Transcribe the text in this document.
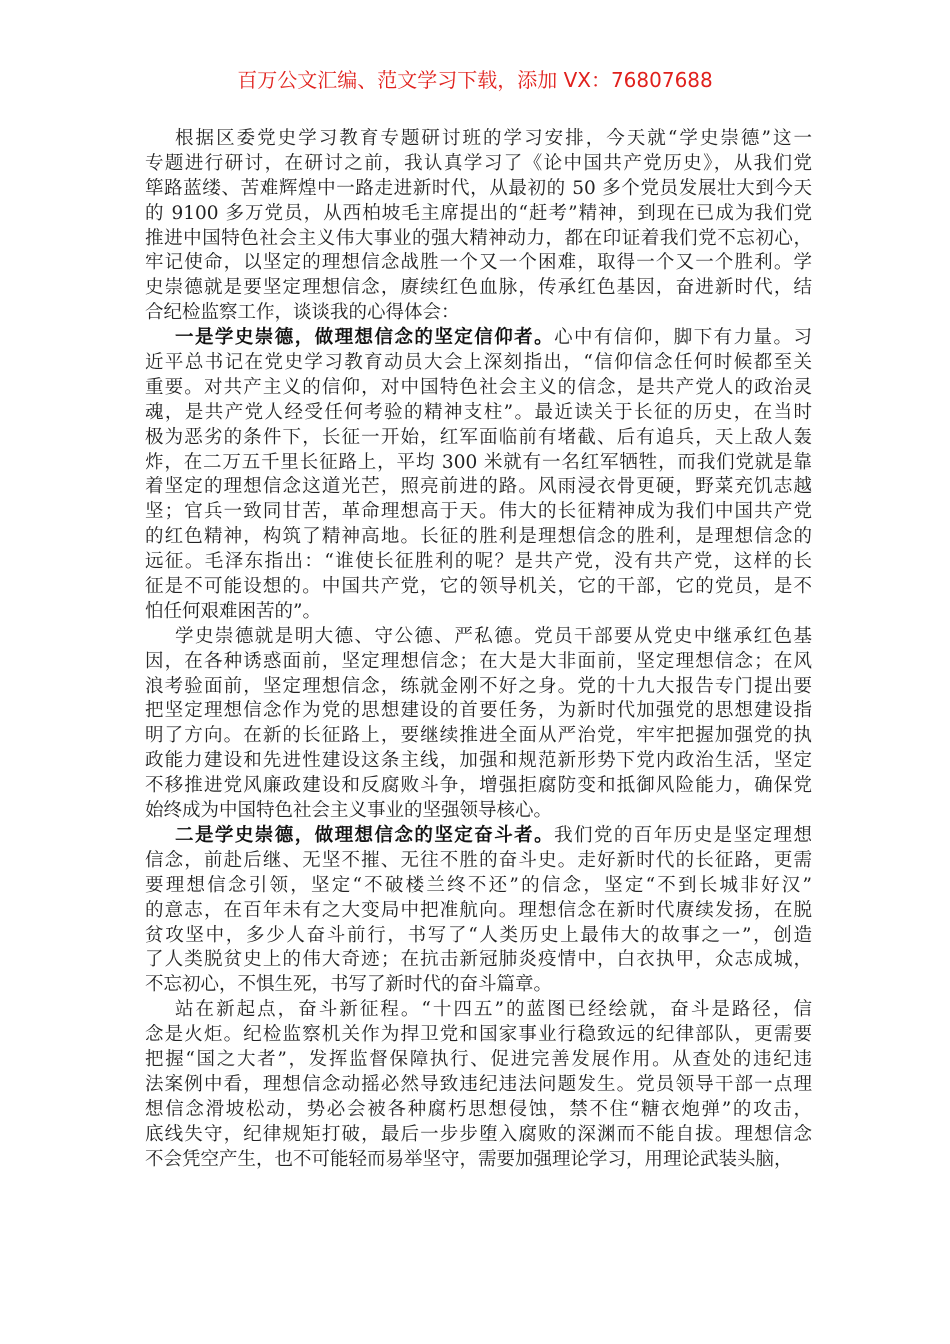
百万公文汇编、范文学习下载，添加 VX：76807688
根据区委党史学习教育专题研讨班的学习安排，今天就“学史崇德”这一
专题进行研讨，在研讨之前，我认真学习了《论中国共产党历史》，从我们党
筚路蓝缕、苦难辉煌中一路走进新时代，从最初的 50 多个党员发展壮大到今天
的 9100 多万党员，从西柏坡毛主席提出的“赶考”精神，到现在已成为我们党
推进中国特色社会主义伟大事业的强大精神动力，都在印证着我们党不忘初心，
牢记使命，以坚定的理想信念战胜一个又一个困难，取得一个又一个胜利。学
史崇德就是要坚定理想信念，赓续红色血脉，传承红色基因，奋进新时代，结
合纪检监察工作，谈谈我的心得体会：
一是学史崇德，做理想信念的坚定信仰者。心中有信仰，脚下有力量。习
近平总书记在党史学习教育动员大会上深刻指出，“信仰信念任何时候都至关
重要。对共产主义的信仰，对中国特色社会主义的信念，是共产党人的政治灵
魂，是共产党人经受任何考验的精神支柱”。最近读关于长征的历史，在当时
极为恶劣的条件下，长征一开始，红军面临前有堵截、后有追兵，天上敌人轰
炸，在二万五千里长征路上，平均 300 米就有一名红军牺牲，而我们党就是靠
着坚定的理想信念这道光芒，照亮前进的路。风雨浸衣骨更硬，野菜充饥志越
坚；官兵一致同甘苦，革命理想高于天。伟大的长征精神成为我们中国共产党
的红色精神，构筑了精神高地。长征的胜利是理想信念的胜利，是理想信念的
远征。毛泽东指出：“谁使长征胜利的呢？是共产党，没有共产党，这样的长
征是不可能设想的。中国共产党，它的领导机关，它的干部，它的党员，是不
怕任何艰难困苦的”。
学史崇德就是明大德、守公德、严私德。党员干部要从党史中继承红色基
因，在各种诱惑面前，坚定理想信念；在大是大非面前，坚定理想信念；在风
浪考验面前，坚定理想信念，练就金刚不好之身。党的十九大报告专门提出要
把坚定理想信念作为党的思想建设的首要任务，为新时代加强党的思想建设指
明了方向。在新的长征路上，要继续推进全面从严治党，牢牢把握加强党的执
政能力建设和先进性建设这条主线，加强和规范新形势下党内政治生活，坚定
不移推进党风廉政建设和反腐败斗争，增强拒腐防变和抵御风险能力，确保党
始终成为中国特色社会主义事业的坚强领导核心。
二是学史崇德，做理想信念的坚定奋斗者。我们党的百年历史是坚定理想
信念，前赴后继、无坚不摧、无往不胜的奋斗史。走好新时代的长征路，更需
要理想信念引领，坚定“不破楼兰终不还”的信念，坚定“不到长城非好汉”
的意志，在百年未有之大变局中把准航向。理想信念在新时代赓续发扬，在脱
贫攻坚中，多少人奋斗前行，书写了“人类历史上最伟大的故事之一”，创造
了人类脱贫史上的伟大奇迹；在抗击新冠肺炎疫情中，白衣执甲，众志成城，
不忘初心，不惧生死，书写了新时代的奋斗篇章。
站在新起点，奋斗新征程。“十四五”的蓝图已经绘就，奋斗是路径，信
念是火炬。纪检监察机关作为捍卫党和国家事业行稳致远的纪律部队，更需要
把握“国之大者”，发挥监督保障执行、促进完善发展作用。从查处的违纪违
法案例中看，理想信念动摇必然导致违纪违法问题发生。党员领导干部一点理
想信念滑坡松动，势必会被各种腐朽思想侵蚀，禁不住“糖衣炮弹”的攻击，
底线失守，纪律规矩打破，最后一步步堕入腐败的深渊而不能自拔。理想信念
不会凭空产生，也不可能轻而易举坚守，需要加强理论学习，用理论武装头脑，
